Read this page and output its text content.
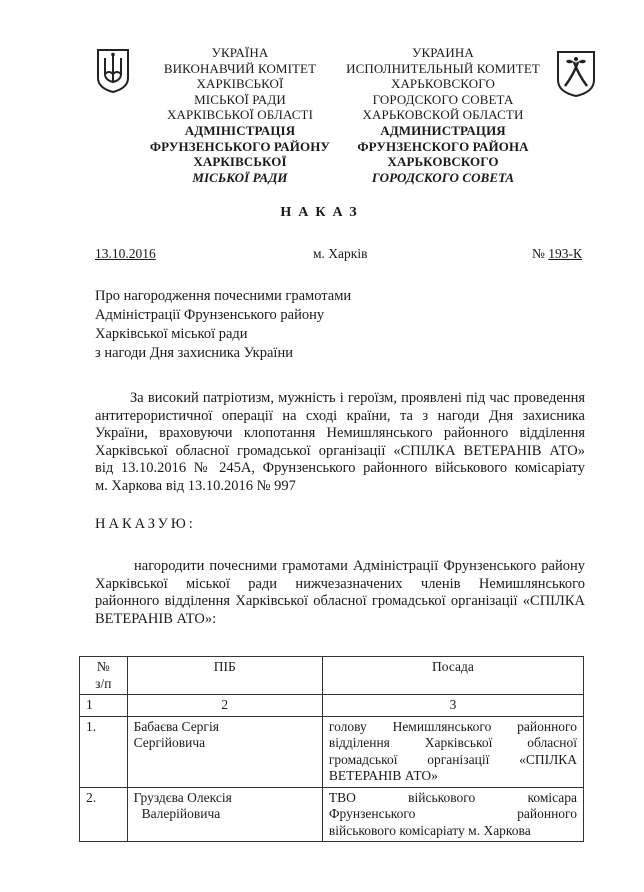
УКРАЇНА
ВИКОНАВЧИЙ КОМІТЕТ
ХАРКІВСЬКОЇ
МІСЬКОЇ РАДИ
ХАРКІВСЬКОЇ ОБЛАСТІ
АДМІНІСТРАЦІЯ
ФРУНЗЕНСЬКОГО РАЙОНУ
ХАРКІВСЬКОЇ
МІСЬКОЇ РАДИ
УКРАИНА
ИСПОЛНИТЕЛЬНЫЙ КОМИТЕТ
ХАРЬКОВСКОГО
ГОРОДСКОГО СОВЕТА
ХАРЬКОВСКОЙ ОБЛАСТИ
АДМИНИСТРАЦИЯ
ФРУНЗЕНСКОГО РАЙОНА
ХАРЬКОВСКОГО
ГОРОДСКОГО СОВЕТА
НАКАЗ
13.10.2016	м. Харків	№ 193-К
Про нагородження почесними грамотами
Адміністрації Фрунзенського району
Харківської міської ради
з нагоди Дня захисника України
За високий патріотизм, мужність і героїзм, проявлені під час проведення
антитерористичної операції на сході країни, та з нагоди Дня захисника
України, враховуючи клопотання Немишлянського районного відділення
Харківської обласної громадської організації «СПІЛКА ВЕТЕРАНІВ АТО»
від 13.10.2016 № 245А, Фрунзенського районного військового комісаріату
м. Харкова від 13.10.2016 № 997
НАКАЗУЮ:
нагородити почесними грамотами Адміністрації Фрунзенського району
Харківської міської ради нижчезазначених членів Немишлянського
районного відділення Харківської обласної громадської організації «СПІЛКА
ВЕТЕРАНІВ АТО»:
№
з/п	ПІБ	Посада
1	2	3
1.	Бабаєва Сергія
Сергійовича	голову Немишлянського районного
відділення Харківської обласної
громадської організації «СПІЛКА
ВЕТЕРАНІВ АТО»

2.	Груздєва Олексія
Валерійовича	ТВО військового комісара
Фрунзенського районного
військового комісаріату м. Харкова
